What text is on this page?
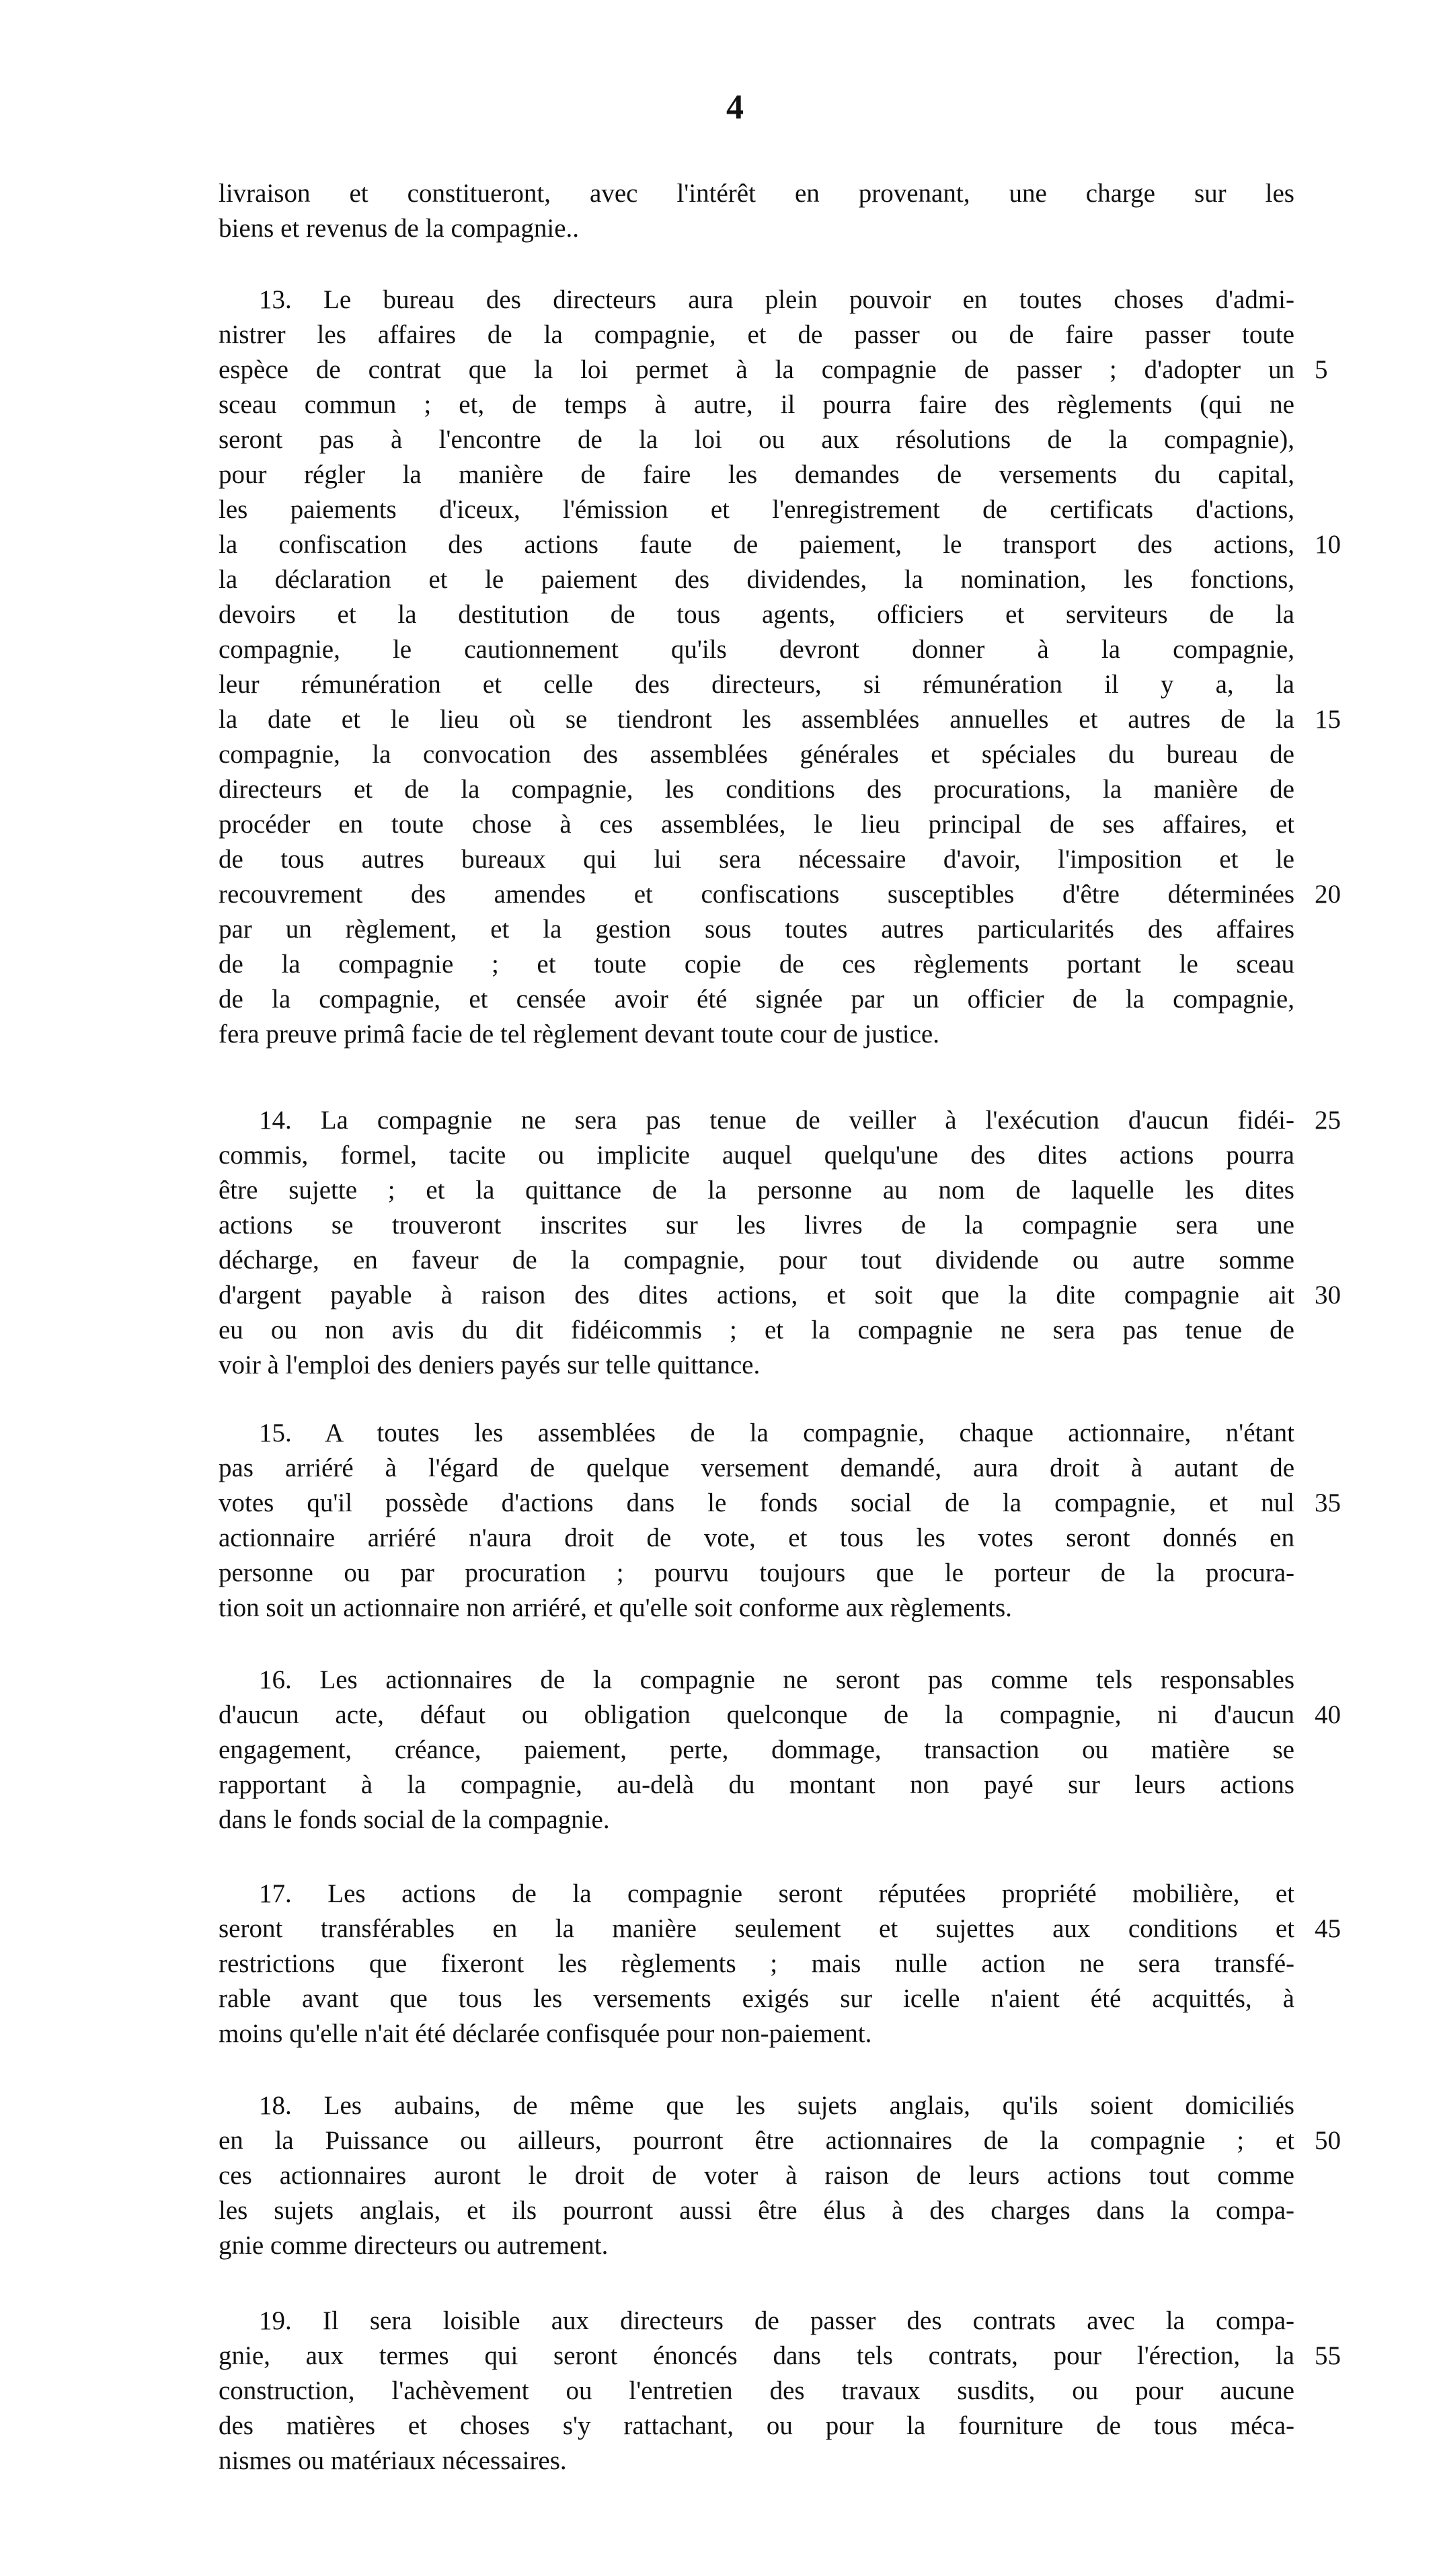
4
livraison et constitueront, avec l'intérêt en provenant, une charge sur les
biens et revenus de la compagnie..
13. Le bureau des directeurs aura plein pouvoir en toutes choses d'admi-
nistrer les affaires de la compagnie, et de passer ou de faire passer toute
espèce de contrat que la loi permet à la compagnie de passer ; d'adopter un
sceau commun ; et, de temps à autre, il pourra faire des règlements (qui ne
seront pas à l'encontre de la loi ou aux résolutions de la compagnie),
pour régler la manière de faire les demandes de versements du capital,
les paiements d'iceux, l'émission et l'enregistrement de certificats d'actions,
la confiscation des actions faute de paiement, le transport des actions,
la déclaration et le paiement des dividendes, la nomination, les fonctions,
devoirs et la destitution de tous agents, officiers et serviteurs de la
compagnie, le cautionnement qu'ils devront donner à la compagnie,
leur rémunération et celle des directeurs, si rémunération il y a, la
la date et le lieu où se tiendront les assemblées annuelles et autres de la
compagnie, la convocation des assemblées générales et spéciales du bureau de
directeurs et de la compagnie, les conditions des procurations, la manière de
procéder en toute chose à ces assemblées, le lieu principal de ses affaires, et
de tous autres bureaux qui lui sera nécessaire d'avoir, l'imposition et le
recouvrement des amendes et confiscations susceptibles d'être déterminées
par un règlement, et la gestion sous toutes autres particularités des affaires
de la compagnie ; et toute copie de ces règlements portant le sceau
de la compagnie, et censée avoir été signée par un officier de la compagnie,
fera preuve primâ facie de tel règlement devant toute cour de justice.
14. La compagnie ne sera pas tenue de veiller à l'exécution d'aucun fidéi-
commis, formel, tacite ou implicite auquel quelqu'une des dites actions pourra
être sujette ; et la quittance de la personne au nom de laquelle les dites
actions se trouveront inscrites sur les livres de la compagnie sera une
décharge, en faveur de la compagnie, pour tout dividende ou autre somme
d'argent payable à raison des dites actions, et soit que la dite compagnie ait
eu ou non avis du dit fidéicommis ; et la compagnie ne sera pas tenue de
voir à l'emploi des deniers payés sur telle quittance.
15. A toutes les assemblées de la compagnie, chaque actionnaire, n'étant
pas arriéré à l'égard de quelque versement demandé, aura droit à autant de
votes qu'il possède d'actions dans le fonds social de la compagnie, et nul
actionnaire arriéré n'aura droit de vote, et tous les votes seront donnés en
personne ou par procuration ; pourvu toujours que le porteur de la procura-
tion soit un actionnaire non arriéré, et qu'elle soit conforme aux règlements.
16. Les actionnaires de la compagnie ne seront pas comme tels responsables
d'aucun acte, défaut ou obligation quelconque de la compagnie, ni d'aucun
engagement, créance, paiement, perte, dommage, transaction ou matière se
rapportant à la compagnie, au-delà du montant non payé sur leurs actions
dans le fonds social de la compagnie.
17. Les actions de la compagnie seront réputées propriété mobilière, et
seront transférables en la manière seulement et sujettes aux conditions et
restrictions que fixeront les règlements ; mais nulle action ne sera transfé-
rable avant que tous les versements exigés sur icelle n'aient été acquittés, à
moins qu'elle n'ait été déclarée confisquée pour non-paiement.
18. Les aubains, de même que les sujets anglais, qu'ils soient domiciliés
en la Puissance ou ailleurs, pourront être actionnaires de la compagnie ; et
ces actionnaires auront le droit de voter à raison de leurs actions tout comme
les sujets anglais, et ils pourront aussi être élus à des charges dans la compa-
gnie comme directeurs ou autrement.
19. Il sera loisible aux directeurs de passer des contrats avec la compa-
gnie, aux termes qui seront énoncés dans tels contrats, pour l'érection, la
construction, l'achèvement ou l'entretien des travaux susdits, ou pour aucune
des matières et choses s'y rattachant, ou pour la fourniture de tous méca-
nismes ou matériaux nécessaires.
5
10
15
20
25
30
35
40
45
50
55
